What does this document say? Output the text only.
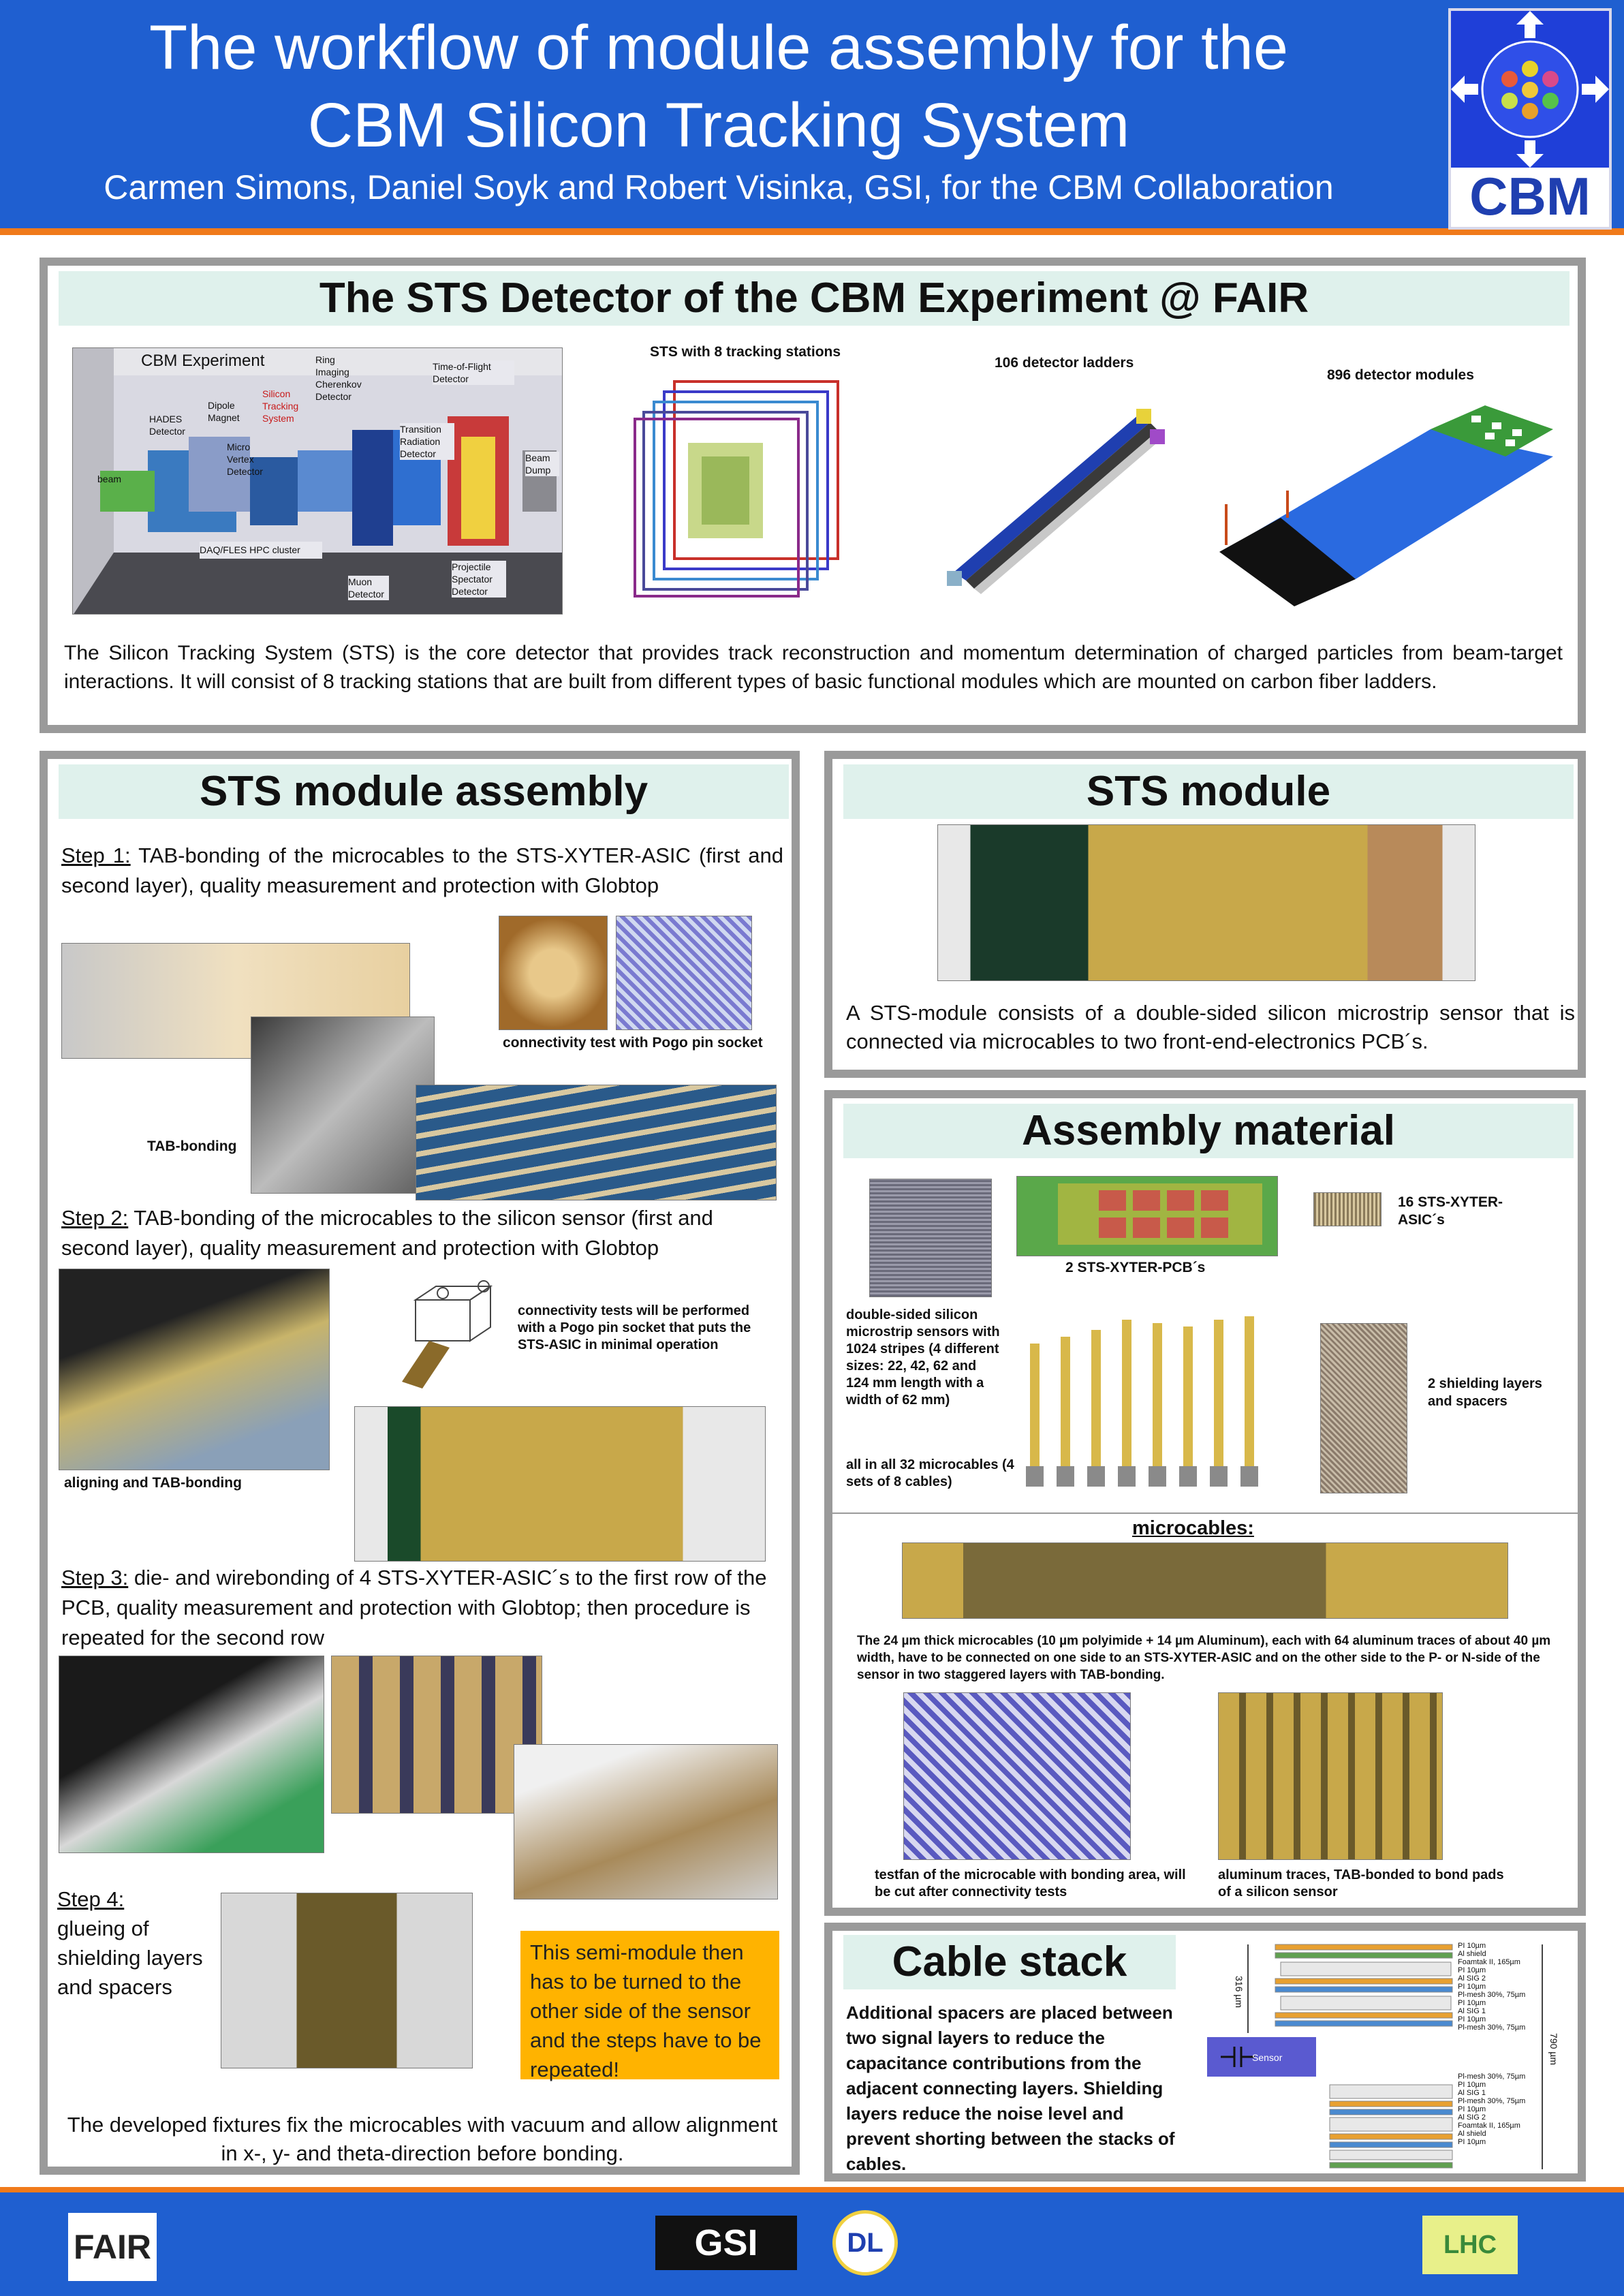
The workflow of module assembly for the
CBM Silicon Tracking System
Carmen Simons, Daniel Soyk and Robert Visinka, GSI, for the CBM Collaboration	CBM
The STS Detector of the CBM Experiment @ FAIR
CBM Experiment
beam
HADES Detector
Dipole Magnet
Micro Vertex Detector
Silicon Tracking System
Ring Imaging Cherenkov Detector
Transition Radiation Detector
Time-of-Flight Detector
Beam Dump
DAQ/FLES HPC cluster
Muon Detector
Projectile Spectator Detector
STS with 8 tracking stations
106 detector ladders
896 detector modules
The Silicon Tracking System (STS) is the core detector that provides track reconstruction and momentum determination of charged particles from beam-target interactions. It will consist of 8 tracking stations that are built from different types of basic functional modules which are mounted on carbon fiber ladders.
STS module assembly
Step 1: TAB-bonding of the microcables to the STS-XYTER-ASIC (first and second layer), quality measurement and protection with Globtop
connectivity test with Pogo pin socket
TAB-bonding
Step 2: TAB-bonding of the microcables to the silicon sensor (first and second layer), quality measurement and protection with Globtop
aligning and TAB-bonding
connectivity tests will be performed with a Pogo pin socket that puts the STS-ASIC in minimal operation
Step 3: die- and wirebonding of 4 STS-XYTER-ASIC´s to the first row of the PCB, quality measurement and protection with Globtop; then procedure is repeated for the second row
Step 4:
glueing of shielding layers and spacers
This semi-module then has to be turned to the other side of the sensor and the steps have to be repeated!
The developed fixtures fix the microcables with vacuum and allow alignment in x-, y- and theta-direction before bonding.
STS module
A STS-module consists of a double-sided silicon microstrip sensor that is connected via microcables to two front-end-electronics PCB´s.
Assembly material
2 STS-XYTER-PCB´s
16 STS-XYTER-ASIC´s
double-sided silicon microstrip sensors with 1024 stripes (4 different sizes: 22, 42, 62 and 124 mm length with a width of 62 mm)
all in all 32 microcables (4 sets of 8 cables)
2 shielding layers and spacers
microcables:
The 24 µm thick microcables (10 µm polyimide + 14 µm Aluminum), each with 64 aluminum traces of about 40 µm width, have to be connected on one side to an STS-XYTER-ASIC and on the other side to the P- or N-side of the sensor in two staggered layers with TAB-bonding.
testfan of the microcable with bonding area, will be cut after connectivity tests
aluminum traces, TAB-bonded to bond pads of a silicon sensor
Cable stack
Additional spacers are placed between two signal layers to reduce the capacitance contributions from the adjacent connecting layers. Shielding layers reduce the noise level and prevent shorting between the stacks of cables.
Sensor
316 µm
790 µm
PI 10µm
Al shield
Foamtak II, 165µm
PI 10µm
Al SIG 2
PI 10µm
Pl-mesh 30%, 75µm
PI 10µm
Al SIG 1
PI 10µm
Pl-mesh 30%, 75µm
Pl-mesh 30%, 75µm
PI 10µm
Al SIG 1
Pl-mesh 30%, 75µm
PI 10µm
Al SIG 2
Foamtak II, 165µm
Al shield
PI 10µm
FAIR	GSI	DL	LHC
